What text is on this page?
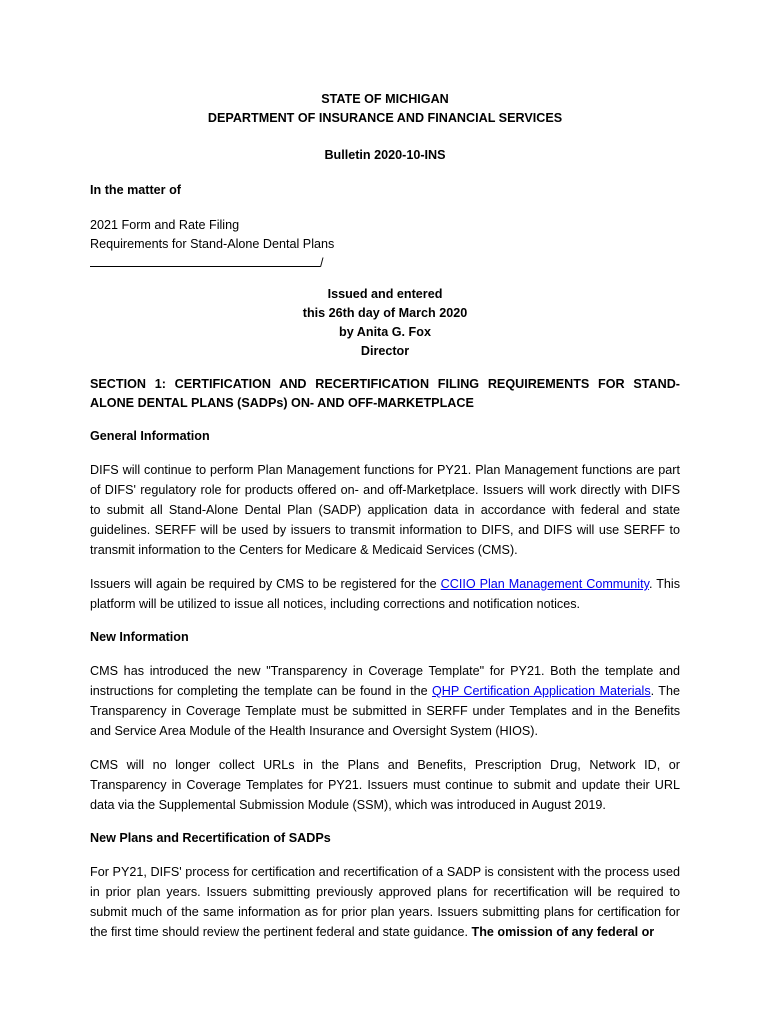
STATE OF MICHIGAN
DEPARTMENT OF INSURANCE AND FINANCIAL SERVICES
Bulletin 2020-10-INS
In the matter of
2021 Form and Rate Filing
Requirements for Stand-Alone Dental Plans
/
Issued and entered
this 26th day of March 2020
by Anita G. Fox
Director
SECTION 1: CERTIFICATION AND RECERTIFICATION FILING REQUIREMENTS FOR STAND-ALONE DENTAL PLANS (SADPs) ON- AND OFF-MARKETPLACE
General Information

DIFS will continue to perform Plan Management functions for PY21. Plan Management functions are part of DIFS' regulatory role for products offered on- and off-Marketplace. Issuers will work directly with DIFS to submit all Stand-Alone Dental Plan (SADP) application data in accordance with federal and state guidelines. SERFF will be used by issuers to transmit information to DIFS, and DIFS will use SERFF to transmit information to the Centers for Medicare & Medicaid Services (CMS).

Issuers will again be required by CMS to be registered for the CCIIO Plan Management Community. This platform will be utilized to issue all notices, including corrections and notification notices.

New Information

CMS has introduced the new "Transparency in Coverage Template" for PY21. Both the template and instructions for completing the template can be found in the QHP Certification Application Materials. The Transparency in Coverage Template must be submitted in SERFF under Templates and in the Benefits and Service Area Module of the Health Insurance and Oversight System (HIOS).

CMS will no longer collect URLs in the Plans and Benefits, Prescription Drug, Network ID, or Transparency in Coverage Templates for PY21. Issuers must continue to submit and update their URL data via the Supplemental Submission Module (SSM), which was introduced in August 2019.

New Plans and Recertification of SADPs

For PY21, DIFS' process for certification and recertification of a SADP is consistent with the process used in prior plan years. Issuers submitting previously approved plans for recertification will be required to submit much of the same information as for prior plan years. Issuers submitting plans for certification for the first time should review the pertinent federal and state guidance. The omission of any federal or
